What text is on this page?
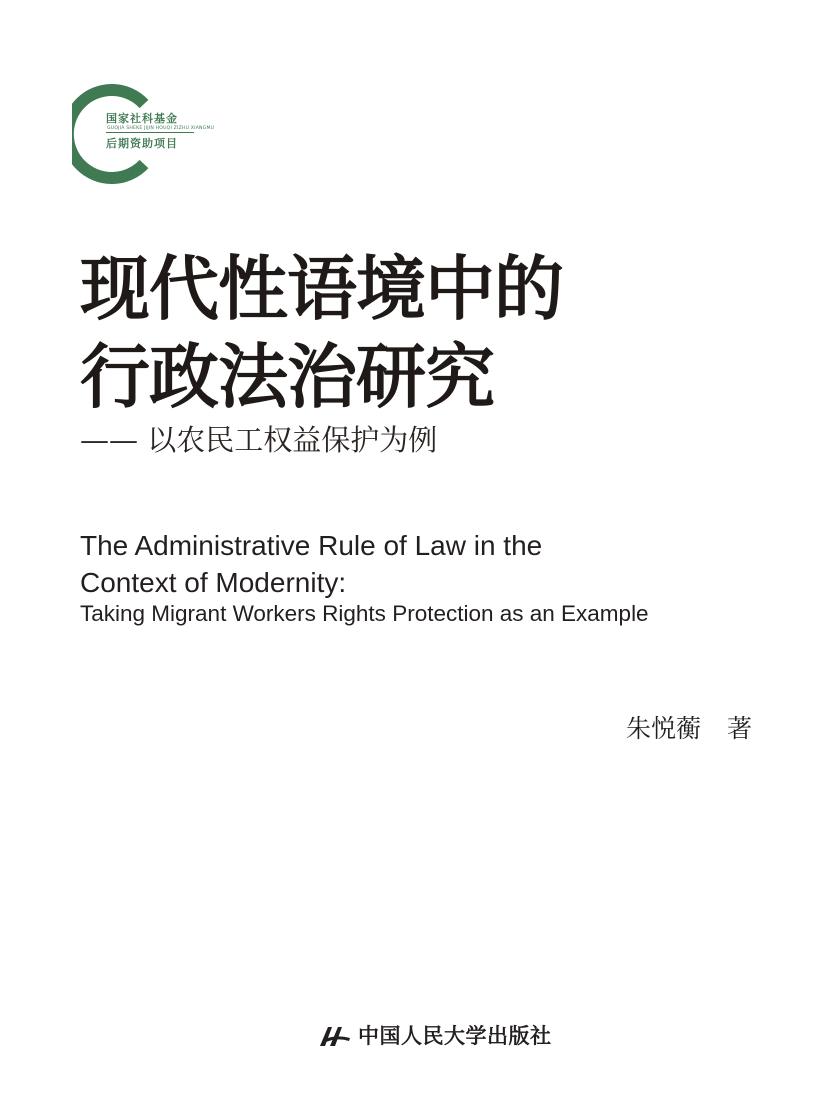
国家社科基金
GUOJIA SHEKE JIJIN HOUQI ZIZHU XIANGMU
后期资助项目
现代性语境中的
行政法治研究
—— 以农民工权益保护为例
The Administrative Rule of Law in the
Context of Modernity:
Taking Migrant Workers Rights Protection as an Example
朱悦蘅 著
中国人民大学出版社
